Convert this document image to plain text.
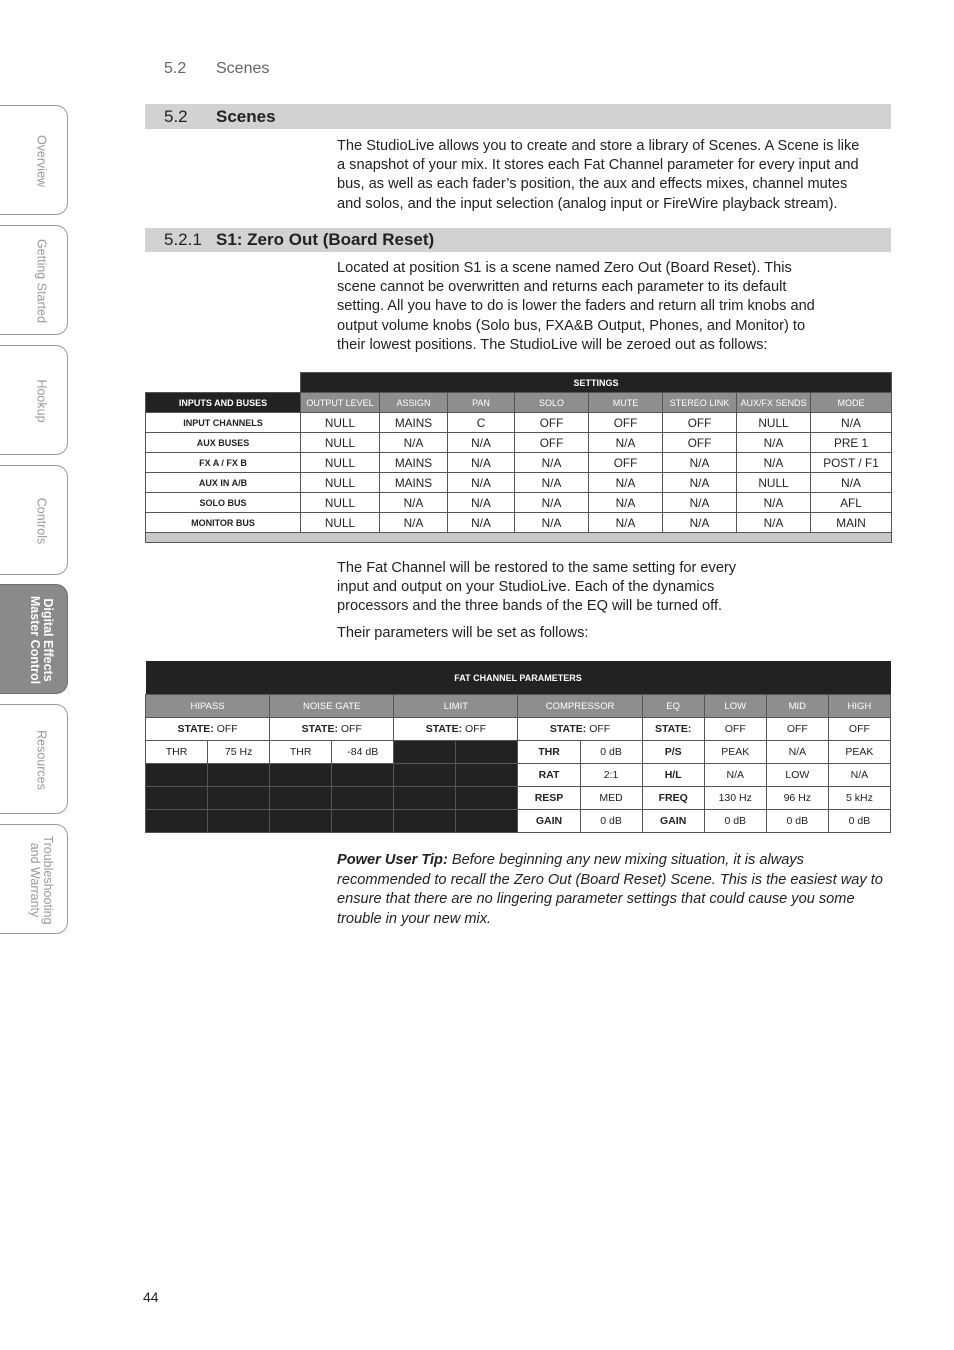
Overview
Getting Started
Hookup
Controls
Digital Effects
Master Control
Resources
Troubleshooting
and Warranty
5.2 Scenes
5.2 Scenes

The StudioLive allows you to create and store a library of Scenes. A Scene is like a snapshot of your mix. It stores each Fat Channel parameter for every input and bus, as well as each fader’s position, the aux and effects mixes, channel mutes and solos, and the input selection (analog input or FireWire playback stream).

5.2.1 S1: Zero Out (Board Reset)

Located at position S1 is a scene named Zero Out (Board Reset). This scene cannot be overwritten and returns each parameter to its default setting. All you have to do is lower the faders and return all trim knobs and output volume knobs (Solo bus, FXA&B Output, Phones, and Monitor) to their lowest positions. The StudioLive will be zeroed out as follows:

	SETTINGS							
INPUTS AND BUSES	OUTPUT LEVEL	ASSIGN	PAN	SOLO	MUTE	STEREO LINK	AUX/FX SENDS	MODE
INPUT CHANNELS	NULL	MAINS	C	OFF	OFF	OFF	NULL	N/A
AUX BUSES	NULL	N/A	N/A	OFF	N/A	OFF	N/A	PRE 1
FX A / FX B	NULL	MAINS	N/A	N/A	OFF	N/A	N/A	POST / F1
AUX IN A/B	NULL	MAINS	N/A	N/A	N/A	N/A	NULL	N/A
SOLO BUS	NULL	N/A	N/A	N/A	N/A	N/A	N/A	AFL
MONITOR BUS	NULL	N/A	N/A	N/A	N/A	N/A	N/A	MAIN

The Fat Channel will be restored to the same setting for every input and output on your StudioLive. Each of the dynamics processors and the three bands of the EQ will be turned off.

Their parameters will be set as follows:

FAT CHANNEL PARAMETERS											
HIPASS		NOISE GATE		LIMIT		COMPRESSOR		EQ	LOW	MID	HIGH
STATE: OFF		STATE: OFF		STATE: OFF		STATE: OFF		STATE:	OFF	OFF	OFF
THR	75 Hz	THR	-84 dB			THR	0 dB	P/S	PEAK	N/A	PEAK
						RAT	2:1	H/L	N/A	LOW	N/A
						RESP	MED	FREQ	130 Hz	96 Hz	5 kHz
						GAIN	0 dB	GAIN	0 dB	0 dB	0 dB

Power User Tip: Before beginning any new mixing situation, it is always recommended to recall the Zero Out (Board Reset) Scene. This is the easiest way to ensure that there are no lingering parameter settings that could cause you some trouble in your new mix.

44
